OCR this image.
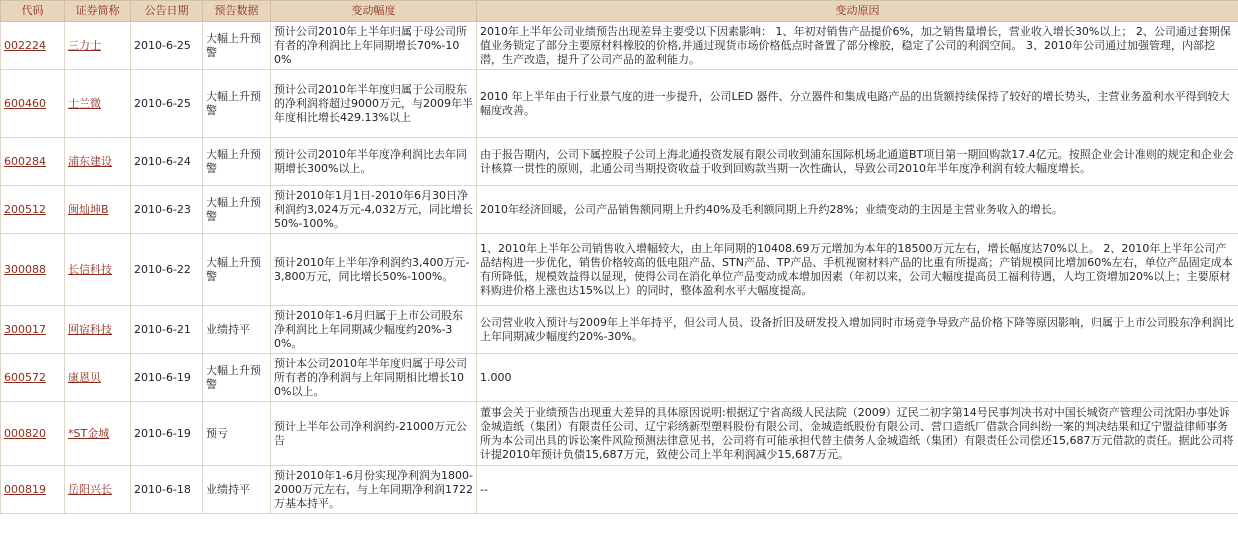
代码	证券简称	公告日期	预告数据	变动幅度	变动原因
002224	三力士	2010-6-25	大幅上升预警	预计公司2010年上半年归属于母公司所有者的净利润比上年同期增长70%-100%	2010年上半年公司业绩预告出现差异主要受以下因素影响： 1、年初对销售产品提价6%，加之销售量增长，营业收入增长30%以上； 2、公司通过套期保值业务锁定了部分主要原材料橡胶的价格,并通过现货市场价格低点时备置了部分橡胶，稳定了公司的利润空间。 3、2010年公司通过加强管理，内部挖潜，生产改造，提升了公司产品的盈利能力。
600460	士兰微	2010-6-25	大幅上升预警	预计公司2010年半年度归属于公司股东的净利润将超过9000万元，与2009年半年度相比增长429.13%以上	2010 年上半年由于行业景气度的进一步提升，公司LED 器件、分立器件和集成电路产品的出货额持续保持了较好的增长势头，主营业务盈利水平得到较大幅度改善。
600284	浦东建设	2010-6-24	大幅上升预警	预计公司2010年半年度净利润比去年同期增长300%以上。	由于报告期内，公司下属控股子公司上海北通投资发展有限公司收到浦东国际机场北通道BT项目第一期回购款17.4亿元。按照企业会计准则的规定和企业会计核算一贯性的原则，北通公司当期投资收益于收到回购款当期一次性确认，导致公司2010年半年度净利润有较大幅度增长。
200512	闽灿坤B	2010-6-23	大幅上升预警	预计2010年1月1日-2010年6月30日净利润约3,024万元-4,032万元，同比增长50%-100%。	2010年经济回暖，公司产品销售额同期上升约40%及毛利额同期上升约28%；业绩变动的主因是主营业务收入的增长。
300088	长信科技	2010-6-22	大幅上升预警	预计2010年上半年净利润约3,400万元-3,800万元，同比增长50%-100%。	1、2010年上半年公司销售收入增幅较大，由上年同期的10408.69万元增加为本年的18500万元左右，增长幅度达70%以上。 2、2010年上半年公司产品结构进一步优化，销售价格较高的低电阻产品、STN产品、TP产品、手机视窗材料产品的比重有所提高；产销规模同比增加60%左右，单位产品固定成本有所降低，规模效益得以显现，使得公司在消化单位产品变动成本增加因素（年初以来，公司大幅度提高员工福利待遇，人均工资增加20%以上；主要原材料购进价格上涨也达15%以上）的同时，整体盈利水平大幅度提高。
300017	网宿科技	2010-6-21	业绩持平	预计2010年1-6月归属于上市公司股东净利润比上年同期减少幅度约20%-30%。	公司营业收入预计与2009年上半年持平，但公司人员、设备折旧及研发投入增加同时市场竞争导致产品价格下降等原因影响，归属于上市公司股东净利润比上年同期减少幅度约20%-30%。
600572	康恩贝	2010-6-19	大幅上升预警	预计本公司2010年半年度归属于母公司所有者的净利润与上年同期相比增长100%以上。	1.000
000820	*ST金城	2010-6-19	预亏	预计上半年公司净利润约-21000万元公告	董事会关于业绩预告出现重大差异的具体原因说明:根据辽宁省高级人民法院（2009）辽民二初字第14号民事判决书对中国长城资产管理公司沈阳办事处诉金城造纸（集团）有限责任公司、辽宁彩绣新型塑料股份有限公司、金城造纸股份有限公司、营口造纸厂借款合同纠纷一案的判决结果和辽宁盟益律师事务所为本公司出具的诉讼案件风险预测法律意见书，公司将有可能承担代替主债务人金城造纸（集团）有限责任公司偿还15,687万元借款的责任。据此公司将计提2010年预计负债15,687万元，致使公司上半年利润减少15,687万元。
000819	岳阳兴长	2010-6-18	业绩持平	预计2010年1-6月份实现净利润为1800-2000万元左右，与上年同期净利润1722万基本持平。	--
